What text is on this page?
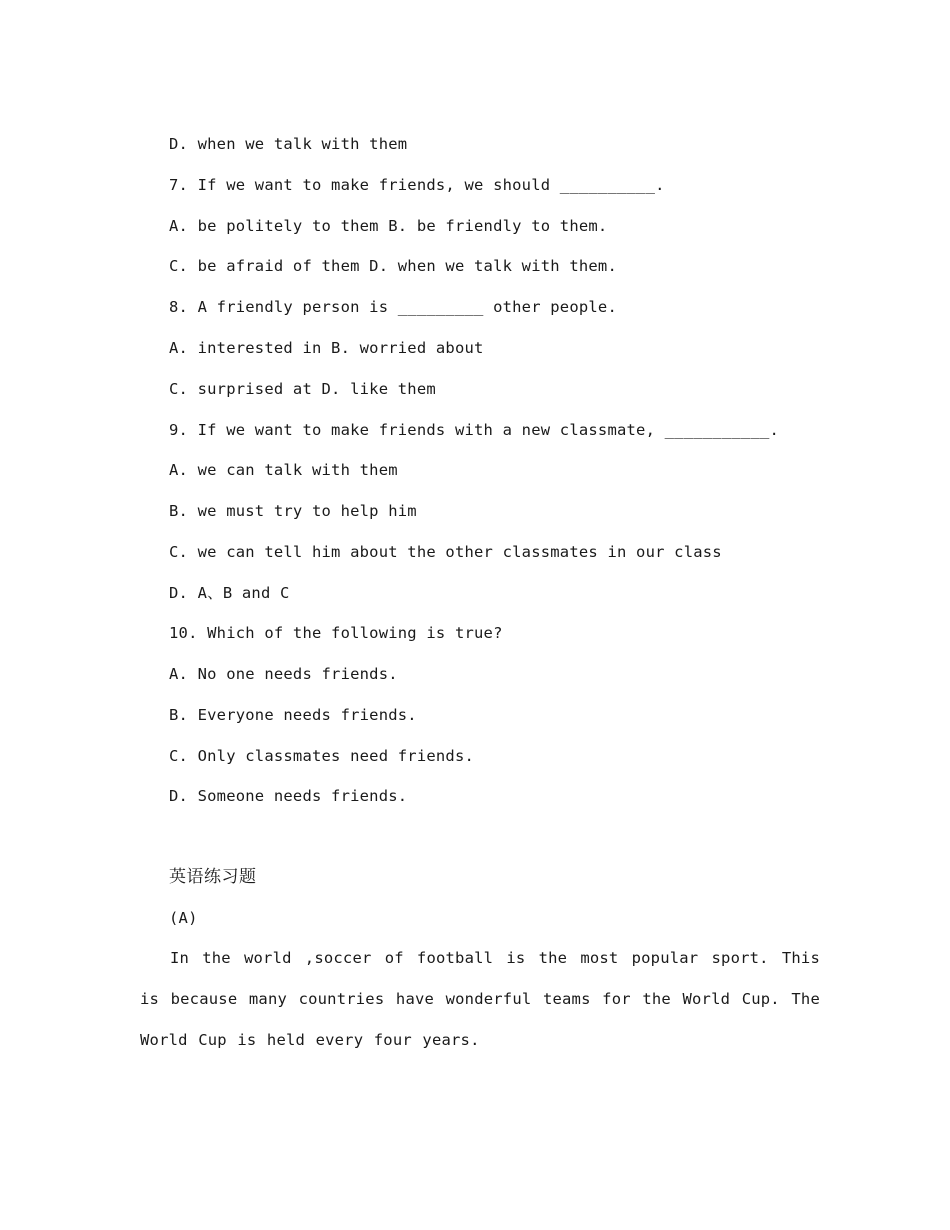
D. when we talk with them
7. If we want to make friends, we should __________.
A. be politely to them B. be friendly to them.
C. be afraid of them D. when we talk with them.
8. A friendly person is _________ other people.
A. interested in B. worried about
C. surprised at D. like them
9. If we want to make friends with a new classmate, ___________.
A. we can talk with them
B. we must try to help him
C. we can tell him about the other classmates in our class
D. A、B and C
10. Which of the following is true?
A. No one needs friends.
B. Everyone needs friends.
C. Only classmates need friends.
D. Someone needs friends.
英语练习题
(A)
In the world ,soccer of football is the most popular sport. This is because many countries have wonderful teams for the World Cup. The World Cup is held every four years.
